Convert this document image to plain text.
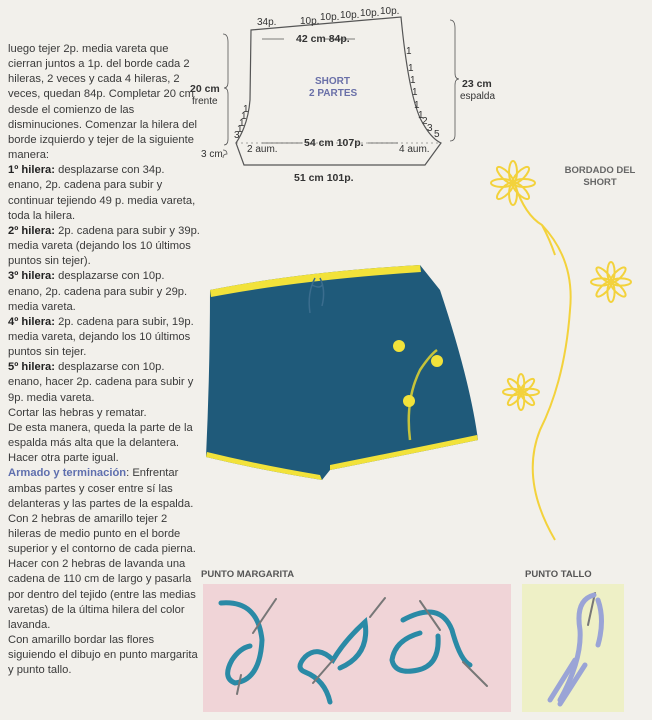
luego tejer 2p. media vareta que cierran juntos a 1p. del borde cada 2 hileras, 2 veces y cada 4 hileras, 2 veces, quedan 84p. Completar 20 cm desde el comienzo de las disminuciones. Comenzar la hilera del borde izquierdo y tejer de la siguiente manera:

1º hilera: desplazarse con 34p. enano, 2p. cadena para subir y continuar tejiendo 49 p. media vareta, toda la hilera.

2º hilera: 2p. cadena para subir y 39p. media vareta (dejando los 10 últimos puntos sin tejer).

3º hilera: desplazarse con 10p. enano, 2p. cadena para subir y 29p. media vareta.

4º hilera: 2p. cadena para subir, 19p. media vareta, dejando los 10 últimos puntos sin tejer.

5º hilera: desplazarse con 10p. enano, hacer 2p. cadena para subir y 9p. media vareta.

Cortar las hebras y rematar.

De esta manera, queda la parte de la espalda más alta que la delantera.

Hacer otra parte igual.

Armado y terminación: Enfrentar ambas partes y coser entre sí las delanteras y las partes de la espalda.

Con 2 hebras de amarillo tejer 2 hileras de medio punto en el borde superior y el contorno de cada pierna. Hacer con 2 hebras de lavanda una cadena de 110 cm de largo y pasarla por dentro del tejido (entre las medias varetas) de la última hilera del color lavanda.

Con amarillo bordar las flores siguiendo el dibujo en punto margarita y punto tallo.

34p. 10p. 10p. 10p. 10p. 10p.
42 cm 84p.
SHORT
2 PARTES
20 cm
frente
23 cm
espalda
54 cm 107p.
2 aum.	4 aum.
3 cm
51 cm 101p.
1
1
1
1
3
1
1
1
1
1
1
2
3
5
BORDADO DEL SHORT
PUNTO MARGARITA	PUNTO TALLO
